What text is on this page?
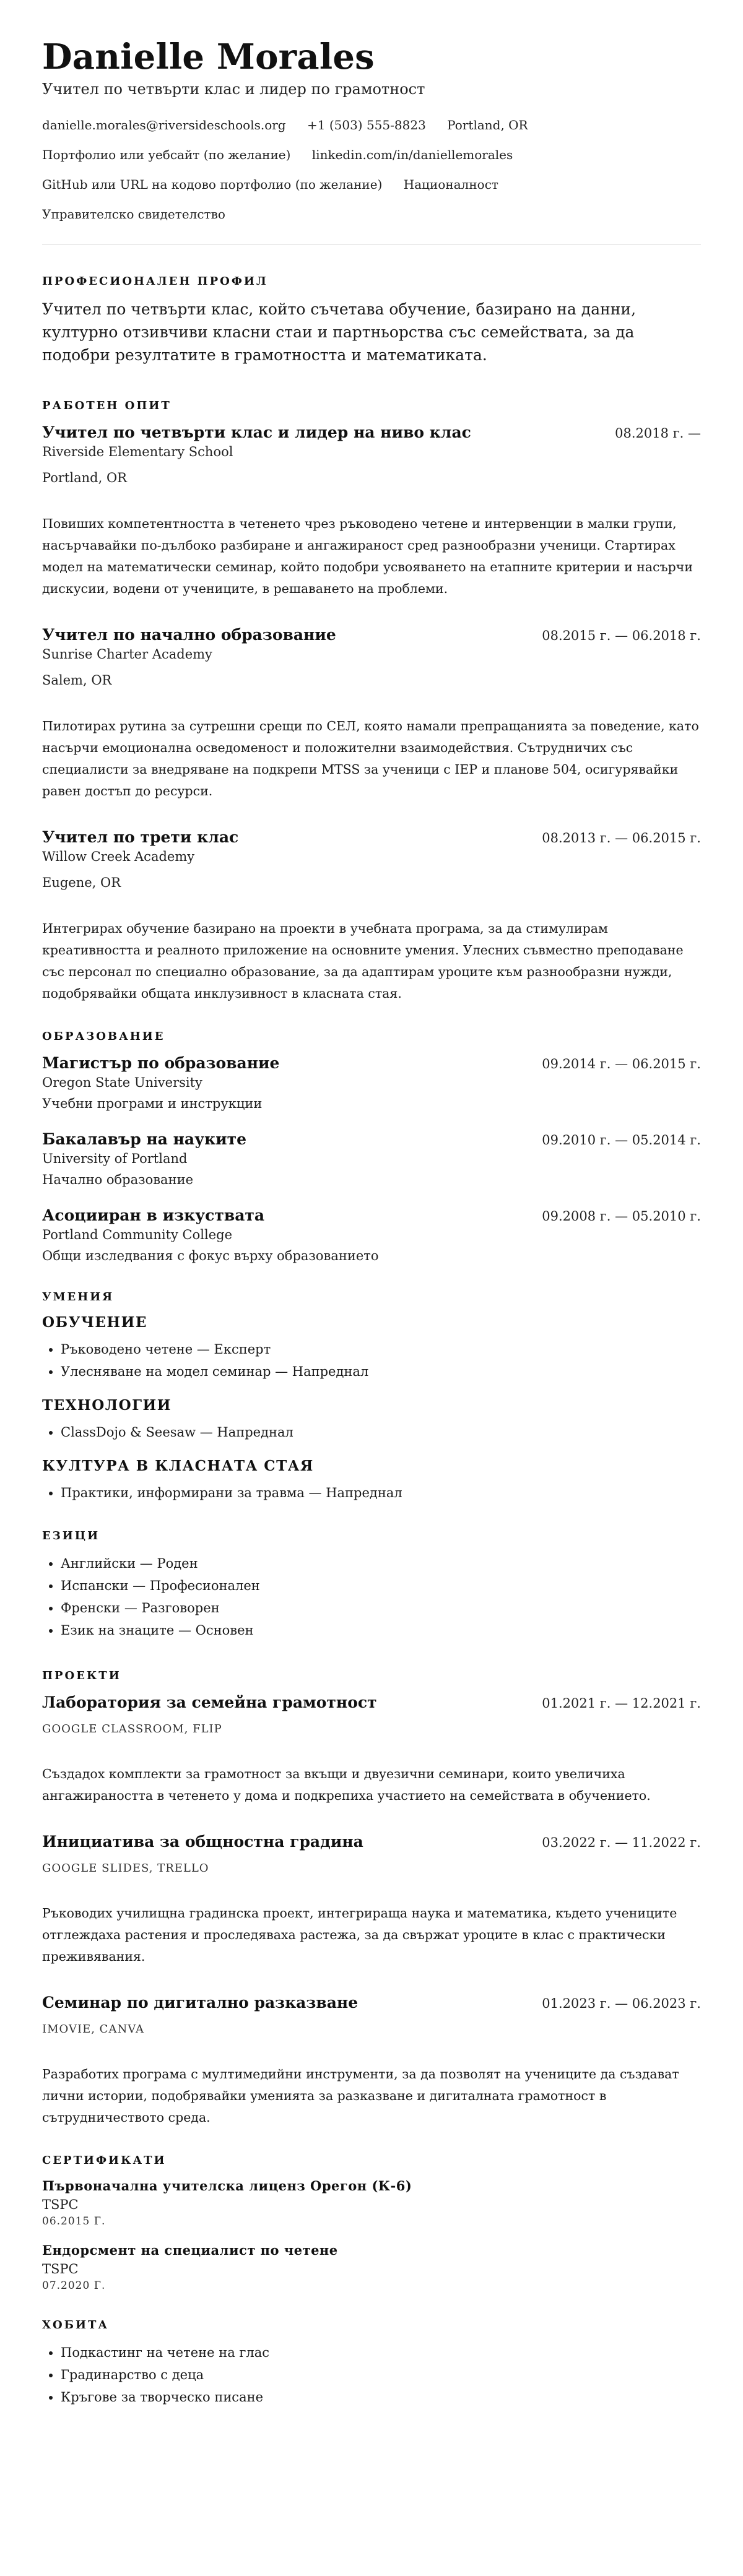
Danielle Morales
Учител по четвърти клас и лидер по грамотност
danielle.morales@riversideschools.org +1 (503) 555-8823 Portland, OR
Портфолио или уебсайт (по желание) linkedin.com/in/daniellemorales
GitHub или URL на кодово портфолио (по желание) Националност
Управителско свидетелство
ПРОФЕСИОНАЛЕН ПРОФИЛ
Учител по четвърти клас, който съчетава обучение, базирано на данни, културно отзивчиви класни стаи и партньорства със семействата, за да подобри резултатите в грамотността и математиката.
РАБОТЕН ОПИТ
Учител по четвърти клас и лидер на ниво клас	08.2018 г. —
Riverside Elementary School
Portland, OR
Повиших компетентността в четенето чрез ръководено четене и интервенции в малки групи, насърчавайки по-дълбоко разбиране и ангажираност сред разнообразни ученици. Стартирах модел на математически семинар, който подобри усвояването на етапните критерии и насърчи дискусии, водени от учениците, в решаването на проблеми.
Учител по начално образование	08.2015 г. — 06.2018 г.
Sunrise Charter Academy
Salem, OR
Пилотирах рутина за сутрешни срещи по СЕЛ, която намали препращанията за поведение, като насърчи емоционална осведоменост и положителни взаимодействия. Сътрудничих със специалисти за внедряване на подкрепи MTSS за ученици с IEP и планове 504, осигурявайки равен достъп до ресурси.
Учител по трети клас	08.2013 г. — 06.2015 г.
Willow Creek Academy
Eugene, OR
Интегрирах обучение базирано на проекти в учебната програма, за да стимулирам креативността и реалното приложение на основните умения. Улесних съвместно преподаване със персонал по специално образование, за да адаптирам уроците към разнообразни нужди, подобрявайки общата инклузивност в класната стая.
ОБРАЗОВАНИЕ
Магистър по образование	09.2014 г. — 06.2015 г.
Oregon State University
Учебни програми и инструкции
Бакалавър на науките	09.2010 г. — 05.2014 г.
University of Portland
Начално образование
Асоцииран в изкуствата	09.2008 г. — 05.2010 г.
Portland Community College
Общи изследвания с фокус върху образованието
УМЕНИЯ
ОБУЧЕНИЕ
• Ръководено четене — Експерт
• Улесняване на модел семинар — Напреднал
ТЕХНОЛОГИИ
• ClassDojo & Seesaw — Напреднал
КУЛТУРА В КЛАСНАТА СТАЯ
• Практики, информирани за травма — Напреднал
ЕЗИЦИ
• Английски — Роден
• Испански — Професионален
• Френски — Разговорен
• Език на знаците — Основен
ПРОЕКТИ
Лаборатория за семейна грамотност	01.2021 г. — 12.2021 г.
GOOGLE CLASSROOM, FLIP
Създадох комплекти за грамотност за вкъщи и двуезични семинари, които увеличиха ангажираността в четенето у дома и подкрепиха участието на семействата в обучението.
Инициатива за общностна градина	03.2022 г. — 11.2022 г.
GOOGLE SLIDES, TRELLO
Ръководих училищна градинска проект, интегрираща наука и математика, където учениците отглеждаха растения и проследяваха растежа, за да свържат уроците в клас с практически преживявания.
Семинар по дигитално разказване	01.2023 г. — 06.2023 г.
IMOVIE, CANVA
Разработих програма с мултимедийни инструменти, за да позволят на учениците да създават лични истории, подобрявайки уменията за разказване и дигиталната грамотност в сътрудничеството среда.
СЕРТИФИКАТИ
Първоначална учителска лиценз Орегон (К-6)
TSPC
06.2015 Г.
Ендорсмент на специалист по четене
TSPC
07.2020 Г.
ХОБИТА
• Подкастинг на четене на глас
• Градинарство с деца
• Кръгове за творческо писане
